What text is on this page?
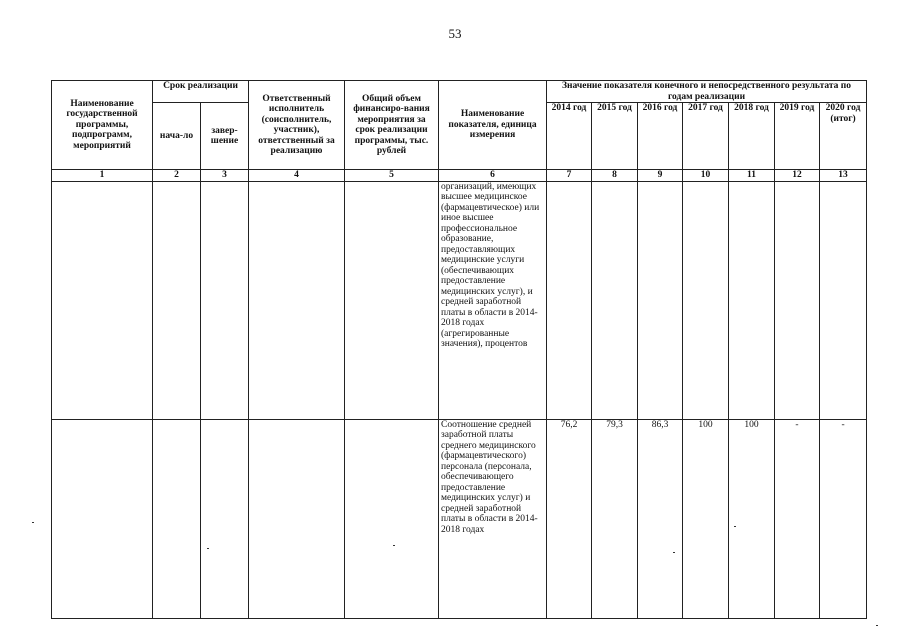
53
Наименование государственной программы, подпрограмм, мероприятий	Срок реализации		Ответственный исполнитель (соисполнитель, участник), ответственный за реализацию	Общий объем финансиро-вания мероприятия за срок реализации программы, тыс. рублей	Наименование показателя, единица измерения	Значение показателя конечного и непосредственного результата по годам реализации						
	нача-ло	завер-шение				2014 год	2015 год	2016 год	2017 год	2018 год	2019 год	2020 год (итог)
1	2	3	4	5	6	7	8	9	10	11	12	13
					организаций, имеющих высшее медицинское (фармацевтическое) или иное высшее профессиональное образование, предоставляющих медицинские услуги (обеспечивающих предоставление медицинских услуг), и средней заработной платы в области в 2014-2018 годах (агрегированные значения), процентов							
					Соотношение средней заработной платы среднего медицинского (фармацевтического) персонала (персонала, обеспечивающего предоставление медицинских услуг) и средней заработной платы в области в 2014-2018 годах	76,2	79,3	86,3	100	100	-	-
